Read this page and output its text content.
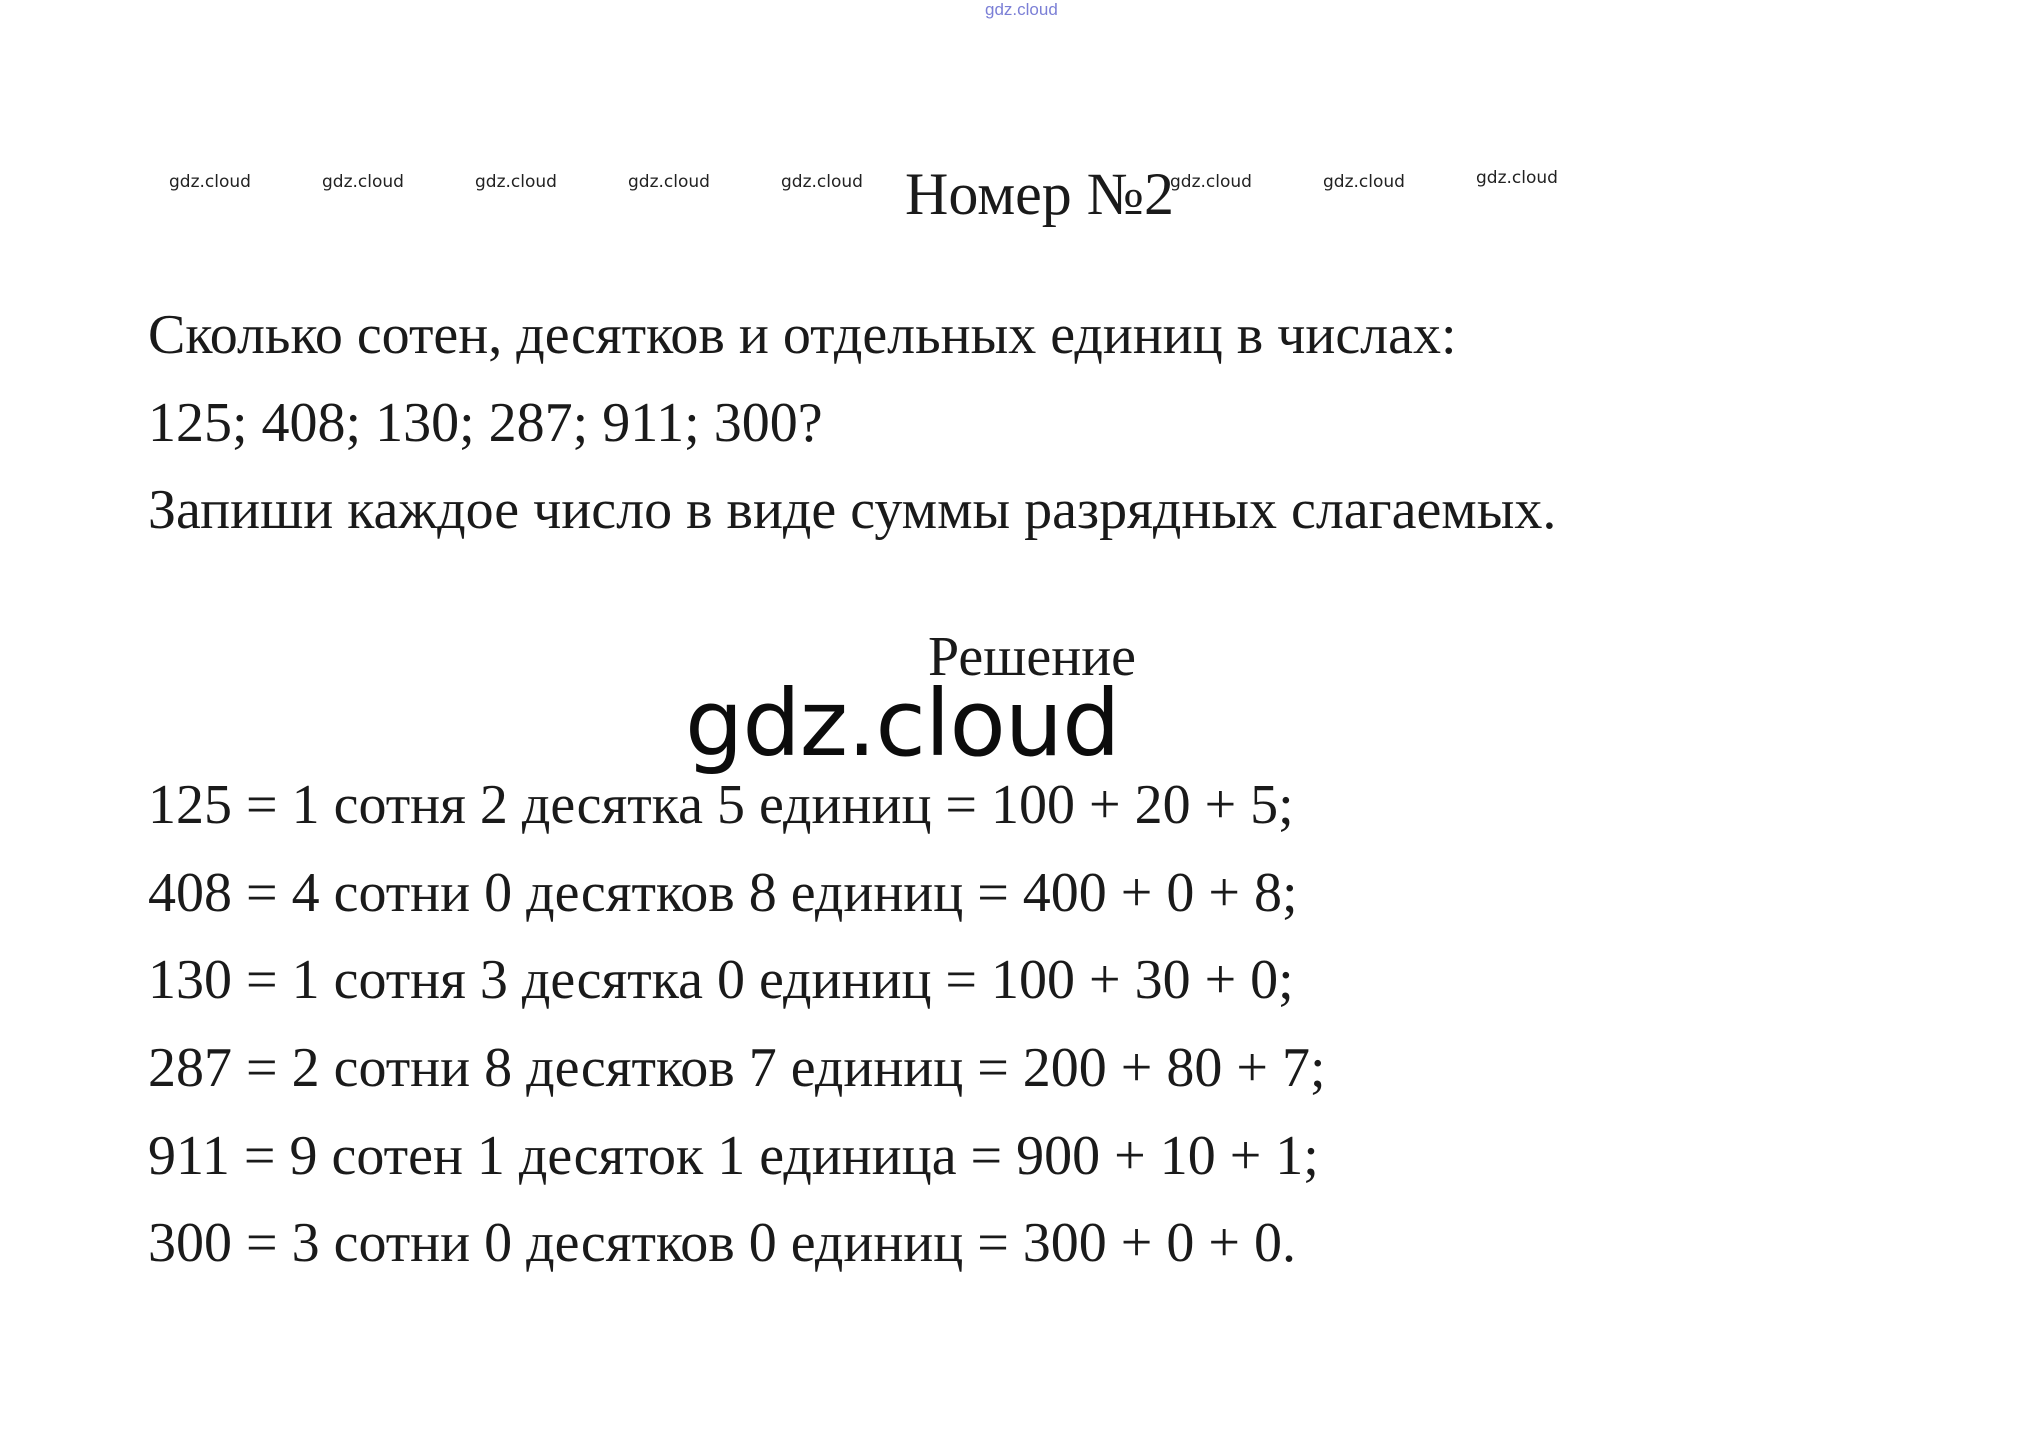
gdz.cloud
gdz.cloud	gdz.cloud	gdz.cloud	gdz.cloud	gdz.cloud	gdz.cloud	gdz.cloud	gdz.cloud
Номер №2
Сколько сотен, десятков и отдельных единиц в числах:
125; 408; 130; 287; 911; 300?
Запиши каждое число в виде суммы разрядных слагаемых.
Решение
gdz.cloud
125 = 1 сотня 2 десятка 5 единиц = 100 + 20 + 5;
408 = 4 сотни 0 десятков 8 единиц = 400 + 0 + 8;
130 = 1 сотня 3 десятка 0 единиц = 100 + 30 + 0;
287 = 2 сотни 8 десятков 7 единиц = 200 + 80 + 7;
911 = 9 сотен 1 десяток 1 единица = 900 + 10 + 1;
300 = 3 сотни 0 десятков 0 единиц = 300 + 0 + 0.
